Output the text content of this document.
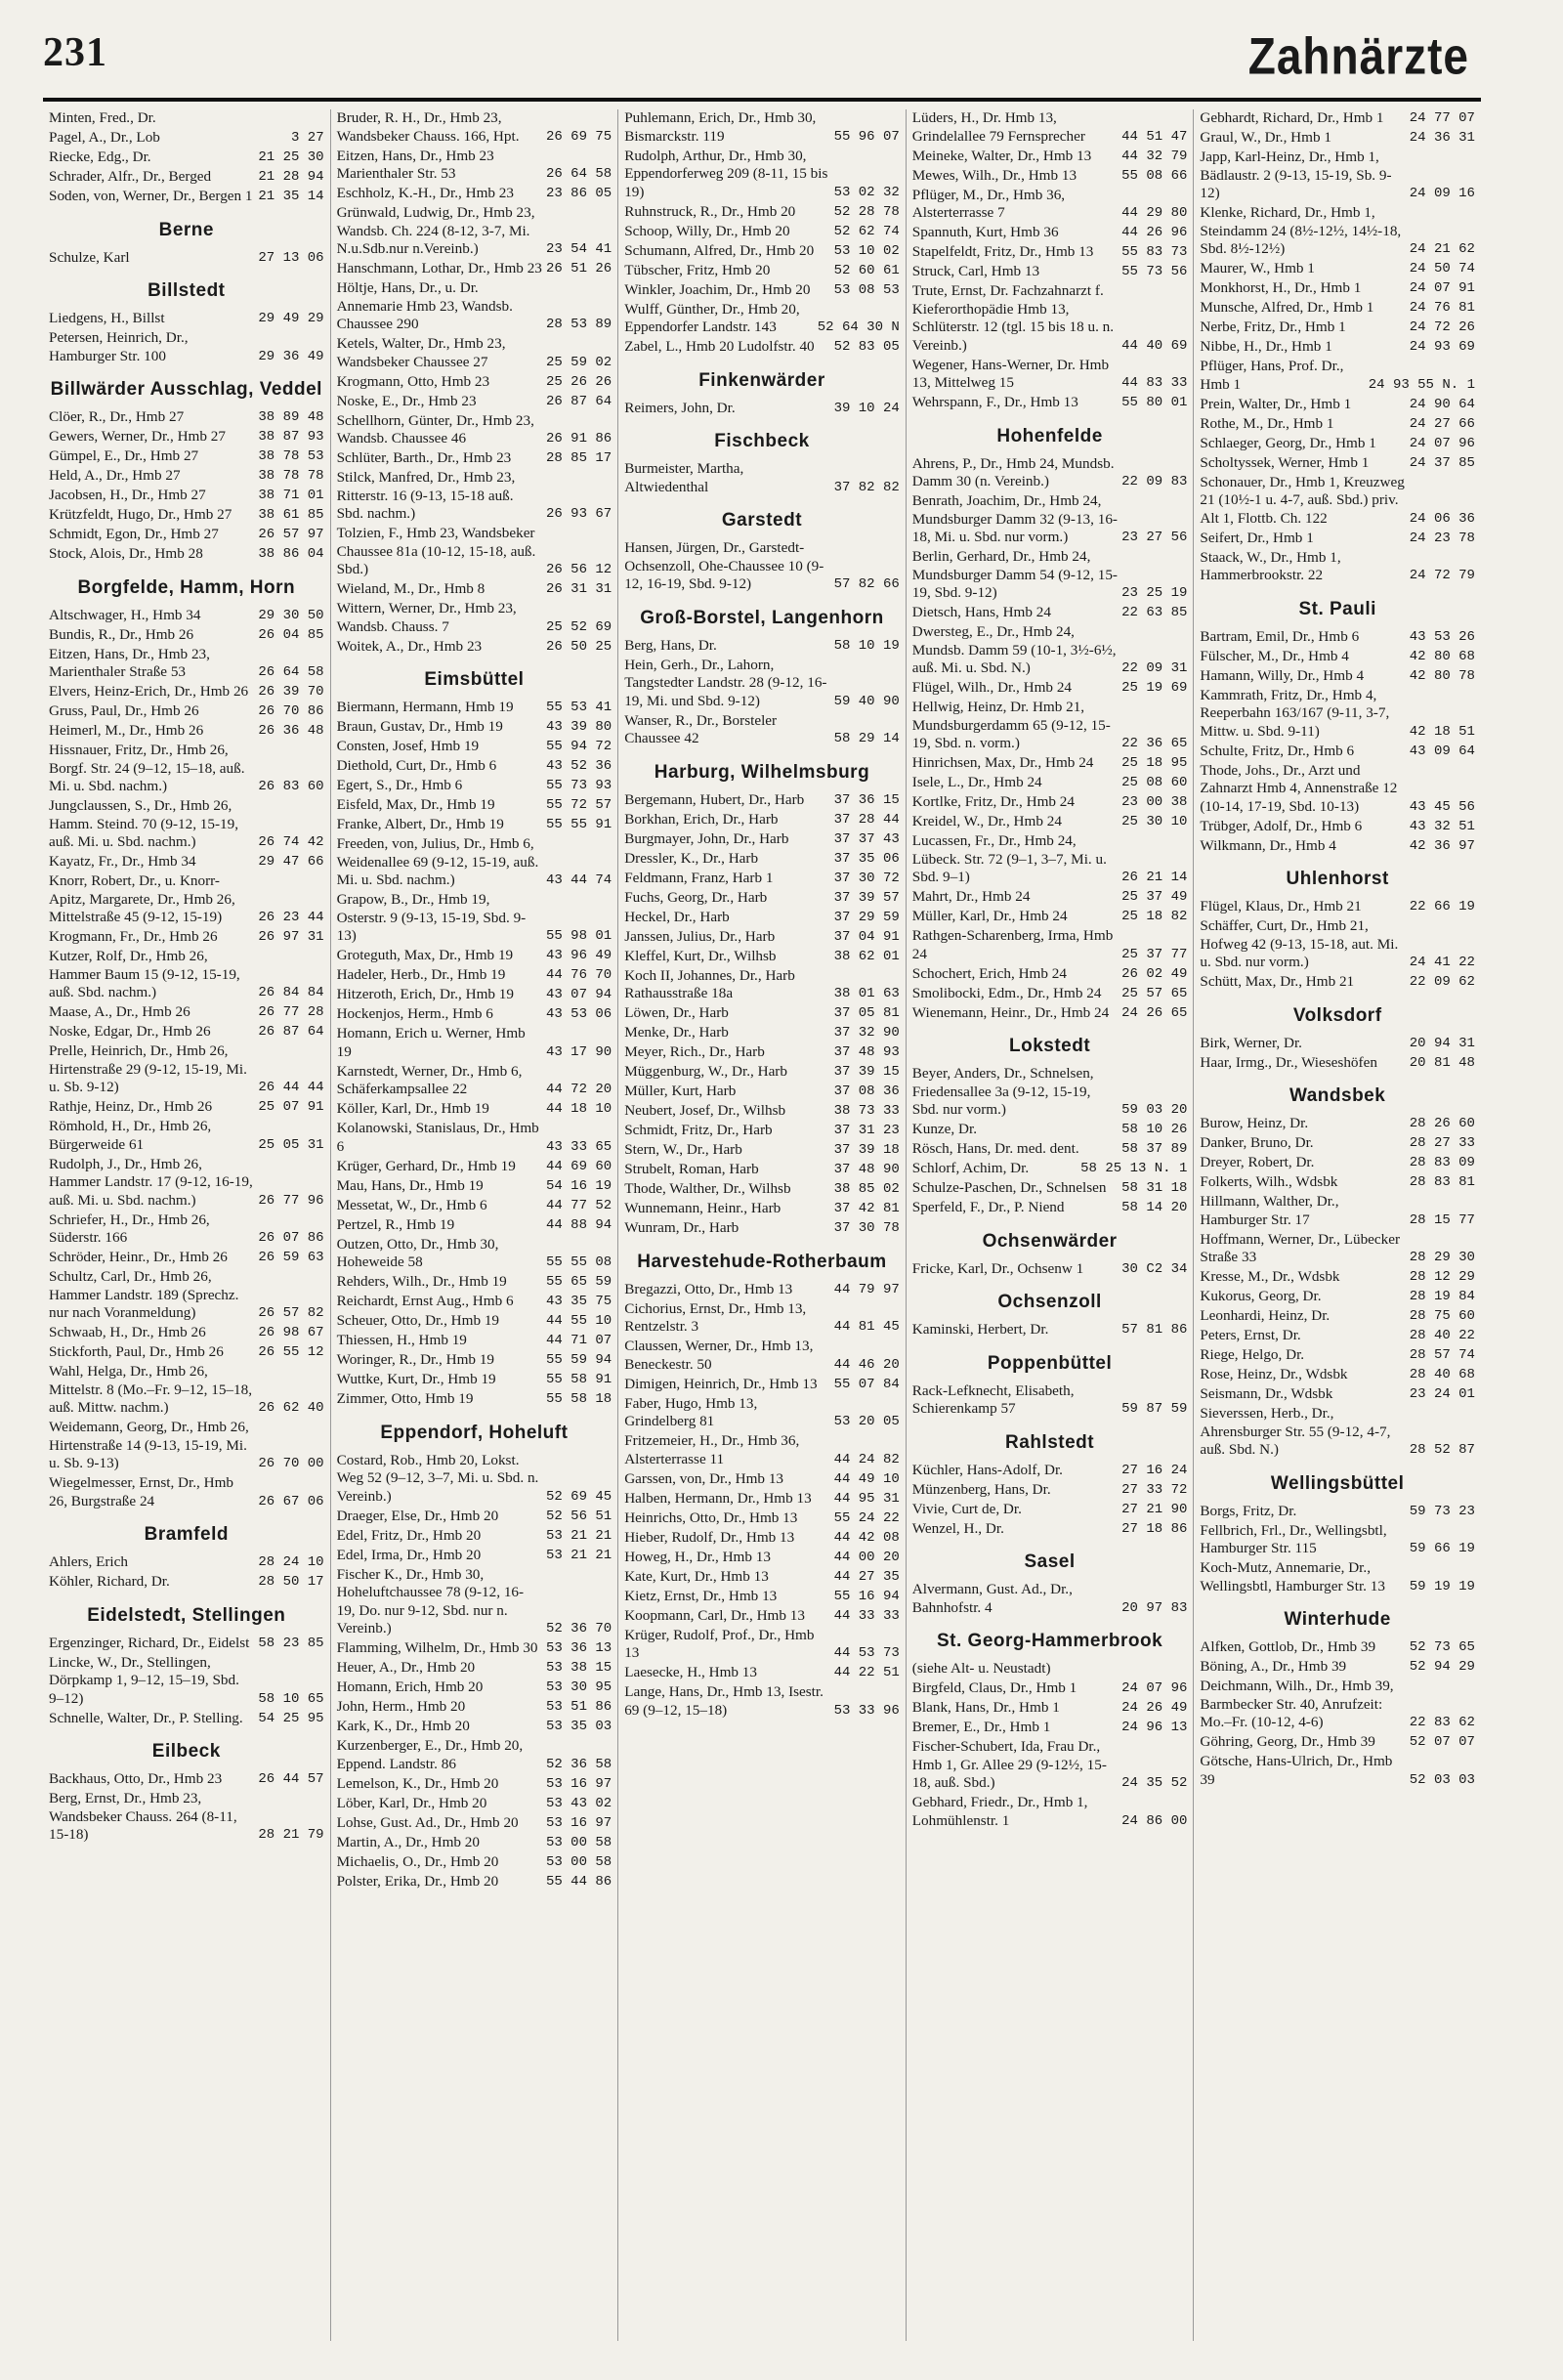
231	Zahnärzte
Minten, Fred., Dr.
Pagel, A., Dr., Lob	3 27
Riecke, Edg., Dr.	21 25 30
Schrader, Alfr., Dr., Berged	21 28 94
Soden, von, Werner, Dr., Bergen 1 21 35 14
Berne
Schulze, Karl	27 13 06
Billstedt
Liedgens, H., Billst	29 49 29
Petersen, Heinrich, Dr., Hamburger Str. 100	29 36 49
Billwärder Ausschlag, Veddel
Clöer, R., Dr., Hmb 27	38 89 48
Gewers, Werner, Dr., Hmb 27	38 87 93
Gümpel, E., Dr., Hmb 27	38 78 53
Held, A., Dr., Hmb 27	38 78 78
Jacobsen, H., Dr., Hmb 27	38 71 01
Krützfeldt, Hugo, Dr., Hmb 27	38 61 85
Schmidt, Egon, Dr., Hmb 27	26 57 97
Stock, Alois, Dr., Hmb 28	38 86 04
Borgfelde, Hamm, Horn
Altschwager, H., Hmb 34	29 30 50
Bundis, R., Dr., Hmb 26	26 04 85
Eitzen, Hans, Dr., Hmb 23, Marienthaler Straße 53	26 64 58
Elvers, Heinz-Erich, Dr., Hmb 26 26 39 70
Gruss, Paul, Dr., Hmb 26	26 70 86
Heimerl, M., Dr., Hmb 26	26 36 48
Hissnauer, Fritz, Dr., Hmb 26, Borgf. Str. 24 (9–12, 15–18, auß. Mi. u. Sbd. nachm.)	26 83 60
Jungclaussen, S., Dr., Hmb 26, Hamm. Steind. 70 (9-12, 15-19, auß. Mi. u. Sbd. nachm.)	26 74 42
Kayatz, Fr., Dr., Hmb 34	29 47 66
Knorr, Robert, Dr., u. Knorr-Apitz, Margarete, Dr., Hmb 26, Mittelstraße 45 (9-12, 15-19)	26 23 44
Krogmann, Fr., Dr., Hmb 26	26 97 31
Kutzer, Rolf, Dr., Hmb 26, Hammer Baum 15 (9-12, 15-19, auß. Sbd. nachm.)	26 84 84
Maase, A., Dr., Hmb 26	26 77 28
Noske, Edgar, Dr., Hmb 26	26 87 64
Prelle, Heinrich, Dr., Hmb 26, Hirtenstraße 29 (9-12, 15-19, Mi. u. Sb. 9-12)	26 44 44
Rathje, Heinz, Dr., Hmb 26	25 07 91
Römhold, H., Dr., Hmb 26, Bürgerweide 61	25 05 31
Rudolph, J., Dr., Hmb 26, Hammer Landstr. 17 (9-12, 16-19, auß. Mi. u. Sbd. nachm.)	26 77 96
Schriefer, H., Dr., Hmb 26, Süderstr. 166	26 07 86
Schröder, Heinr., Dr., Hmb 26	26 59 63
Schultz, Carl, Dr., Hmb 26, Hammer Landstr. 189 (Sprechz. nur nach Voranmeldung)	26 57 82
Schwaab, H., Dr., Hmb 26	26 98 67
Stickforth, Paul, Dr., Hmb 26	26 55 12
Wahl, Helga, Dr., Hmb 26, Mittelstr. 8 (Mo.–Fr. 9–12, 15–18, auß. Mittw. nachm.)	26 62 40
Weidemann, Georg, Dr., Hmb 26, Hirtenstraße 14 (9-13, 15-19, Mi. u. Sb. 9-13)	26 70 00
Wiegelmesser, Ernst, Dr., Hmb 26, Burgstraße 24	26 67 06
Bramfeld
Ahlers, Erich	28 24 10
Köhler, Richard, Dr.	28 50 17
Eidelstedt, Stellingen
Ergenzinger, Richard, Dr., Eidelst 58 23 85
Lincke, W., Dr., Stellingen, Dörpkamp 1, 9–12, 15–19, Sbd. 9–12)	58 10 65
Schnelle, Walter, Dr., P. Stelling.	54 25 95
Eilbeck
Backhaus, Otto, Dr., Hmb 23	26 44 57
Berg, Ernst, Dr., Hmb 23, Wandsbeker Chauss. 264 (8-11, 15-18)	28 21 79
Bruder, R. H., Dr., Hmb 23, Wandsbeker Chauss. 166, Hpt.	26 69 75
Eitzen, Hans, Dr., Hmb 23 Marienthaler Str. 53	26 64 58
Eschholz, K.-H., Dr., Hmb 23	23 86 05
Grünwald, Ludwig, Dr., Hmb 23, Wandsb. Ch. 224 (8-12, 3-7, Mi. N.u.Sdb.nur n.Vereinb.)	23 54 41
Hanschmann, Lothar, Dr., Hmb 23 26 51 26
Höltje, Hans, Dr., u. Dr. Annemarie Hmb 23, Wandsb. Chaussee 290	28 53 89
Ketels, Walter, Dr., Hmb 23, Wandsbeker Chaussee 27	25 59 02
Krogmann, Otto, Hmb 23	25 26 26
Noske, E., Dr., Hmb 23	26 87 64
Schellhorn, Günter, Dr., Hmb 23, Wandsb. Chaussee 46	26 91 86
Schlüter, Barth., Dr., Hmb 23	28 85 17
Stilck, Manfred, Dr., Hmb 23, Ritterstr. 16 (9-13, 15-18 auß. Sbd. nachm.)	26 93 67
Tolzien, F., Hmb 23, Wandsbeker Chaussee 81a (10-12, 15-18, auß. Sbd.)	26 56 12
Wieland, M., Dr., Hmb 8	26 31 31
Wittern, Werner, Dr., Hmb 23, Wandsb. Chauss. 7	25 52 69
Woitek, A., Dr., Hmb 23	26 50 25
Eimsbüttel
Biermann, Hermann, Hmb 19	55 53 41
Braun, Gustav, Dr., Hmb 19	43 39 80
Consten, Josef, Hmb 19	55 94 72
Diethold, Curt, Dr., Hmb 6	43 52 36
Egert, S., Dr., Hmb 6	55 73 93
Eisfeld, Max, Dr., Hmb 19	55 72 57
Franke, Albert, Dr., Hmb 19	55 55 91
Freeden, von, Julius, Dr., Hmb 6, Weidenallee 69 (9-12, 15-19, auß. Mi. u. Sbd. nachm.)	43 44 74
Grapow, B., Dr., Hmb 19, Osterstr. 9 (9-13, 15-19, Sbd. 9-13)	55 98 01
Groteguth, Max, Dr., Hmb 19	43 96 49
Hadeler, Herb., Dr., Hmb 19	44 76 70
Hitzeroth, Erich, Dr., Hmb 19	43 07 94
Hockenjos, Herm., Hmb 6	43 53 06
Homann, Erich u. Werner, Hmb 19	43 17 90
Karnstedt, Werner, Dr., Hmb 6, Schäferkampsallee 22	44 72 20
Köller, Karl, Dr., Hmb 19	44 18 10
Kolanowski, Stanislaus, Dr., Hmb 6	43 33 65
Krüger, Gerhard, Dr., Hmb 19	44 69 60
Mau, Hans, Dr., Hmb 19	54 16 19
Messetat, W., Dr., Hmb 6	44 77 52
Pertzel, R., Hmb 19	44 88 94
Outzen, Otto, Dr., Hmb 30, Hoheweide 58	55 55 08
Rehders, Wilh., Dr., Hmb 19	55 65 59
Reichardt, Ernst Aug., Hmb 6	43 35 75
Scheuer, Otto, Dr., Hmb 19	44 55 10
Thiessen, H., Hmb 19	44 71 07
Woringer, R., Dr., Hmb 19	55 59 94
Wuttke, Kurt, Dr., Hmb 19	55 58 91
Zimmer, Otto, Hmb 19	55 58 18
Eppendorf, Hoheluft
Costard, Rob., Hmb 20, Lokst. Weg 52 (9–12, 3–7, Mi. u. Sbd. n. Vereinb.)	52 69 45
Draeger, Else, Dr., Hmb 20	52 56 51
Edel, Fritz, Dr., Hmb 20	53 21 21
Edel, Irma, Dr., Hmb 20	53 21 21
Fischer K., Dr., Hmb 30, Hoheluftchaussee 78 (9-12, 16-19, Do. nur 9-12, Sbd. nur n. Vereinb.)	52 36 70
Flamming, Wilhelm, Dr., Hmb 30 53 36 13
Heuer, A., Dr., Hmb 20	53 38 15
Homann, Erich, Hmb 20	53 30 95
John, Herm., Hmb 20	53 51 86
Kark, K., Dr., Hmb 20	53 35 03
Kurzenberger, E., Dr., Hmb 20, Eppend. Landstr. 86	52 36 58
Lemelson, K., Dr., Hmb 20	53 16 97
Löber, Karl, Dr., Hmb 20	53 43 02
Lohse, Gust. Ad., Dr., Hmb 20	53 16 97
Martin, A., Dr., Hmb 20	53 00 58
Michaelis, O., Dr., Hmb 20	53 00 58
Polster, Erika, Dr., Hmb 20	55 44 86
Puhlemann, Erich, Dr., Hmb 30, Bismarckstr. 119	55 96 07
Rudolph, Arthur, Dr., Hmb 30, Eppendorferweg 209 (8-11, 15 bis 19)	53 02 32
Ruhnstruck, R., Dr., Hmb 20	52 28 78
Schoop, Willy, Dr., Hmb 20	52 62 74
Schumann, Alfred, Dr., Hmb 20	53 10 02
Tübscher, Fritz, Hmb 20	52 60 61
Winkler, Joachim, Dr., Hmb 20	53 08 53
Wulff, Günther, Dr., Hmb 20, Eppendorfer Landstr. 143	52 64 30 N
Zabel, L., Hmb 20 Ludolfstr. 40	52 83 05
Finkenwärder
Reimers, John, Dr.	39 10 24
Fischbeck
Burmeister, Martha, Altwiedenthal	37 82 82
Garstedt
Hansen, Jürgen, Dr., Garstedt-Ochsenzoll, Ohe-Chaussee 10 (9-12, 16-19, Sbd. 9-12)	57 82 66
Groß-Borstel, Langenhorn
Berg, Hans, Dr.	58 10 19
Hein, Gerh., Dr., Lahorn, Tangstedter Landstr. 28 (9-12, 16-19, Mi. und Sbd. 9-12)	59 40 90
Wanser, R., Dr., Borsteler Chaussee 42	58 29 14
Harburg, Wilhelmsburg
Bergemann, Hubert, Dr., Harb	37 36 15
Borkhan, Erich, Dr., Harb	37 28 44
Burgmayer, John, Dr., Harb	37 37 43
Dressler, K., Dr., Harb	37 35 06
Feldmann, Franz, Harb 1	37 30 72
Fuchs, Georg, Dr., Harb	37 39 57
Heckel, Dr., Harb	37 29 59
Janssen, Julius, Dr., Harb	37 04 91
Kleffel, Kurt, Dr., Wilhsb	38 62 01
Koch II, Johannes, Dr., Harb Rathausstraße 18a	38 01 63
Löwen, Dr., Harb	37 05 81
Menke, Dr., Harb	37 32 90
Meyer, Rich., Dr., Harb	37 48 93
Müggenburg, W., Dr., Harb	37 39 15
Müller, Kurt, Harb	37 08 36
Neubert, Josef, Dr., Wilhsb	38 73 33
Schmidt, Fritz, Dr., Harb	37 31 23
Stern, W., Dr., Harb	37 39 18
Strubelt, Roman, Harb	37 48 90
Thode, Walther, Dr., Wilhsb	38 85 02
Wunnemann, Heinr., Harb	37 42 81
Wunram, Dr., Harb	37 30 78
Harvestehude-Rotherbaum
Bregazzi, Otto, Dr., Hmb 13	44 79 97
Cichorius, Ernst, Dr., Hmb 13, Rentzelstr. 3	44 81 45
Claussen, Werner, Dr., Hmb 13, Beneckestr. 50	44 46 20
Dimigen, Heinrich, Dr., Hmb 13	55 07 84
Faber, Hugo, Hmb 13, Grindelberg 81	53 20 05
Fritzemeier, H., Dr., Hmb 36, Alsterterrasse 11	44 24 82
Garssen, von, Dr., Hmb 13	44 49 10
Halben, Hermann, Dr., Hmb 13	44 95 31
Heinrichs, Otto, Dr., Hmb 13	55 24 22
Hieber, Rudolf, Dr., Hmb 13	44 42 08
Howeg, H., Dr., Hmb 13	44 00 20
Kate, Kurt, Dr., Hmb 13	44 27 35
Kietz, Ernst, Dr., Hmb 13	55 16 94
Koopmann, Carl, Dr., Hmb 13	44 33 33
Krüger, Rudolf, Prof., Dr., Hmb 13	44 53 73
Laesecke, H., Hmb 13	44 22 51
Lange, Hans, Dr., Hmb 13, Isestr. 69 (9–12, 15–18)	53 33 96
Lüders, H., Dr. Hmb 13, Grindelallee 79 Fernsprecher	44 51 47
Meineke, Walter, Dr., Hmb 13	44 32 79
Mewes, Wilh., Dr., Hmb 13	55 08 66
Pflüger, M., Dr., Hmb 36, Alsterterrasse 7	44 29 80
Spannuth, Kurt, Hmb 36	44 26 96
Stapelfeldt, Fritz, Dr., Hmb 13	55 83 73
Struck, Carl, Hmb 13	55 73 56
Trute, Ernst, Dr. Fachzahnarzt f. Kieferorthopädie Hmb 13, Schlüterstr. 12 (tgl. 15 bis 18 u. n. Vereinb.)	44 40 69
Wegener, Hans-Werner, Dr. Hmb 13, Mittelweg 15	44 83 33
Wehrspann, F., Dr., Hmb 13	55 80 01
Hohenfelde
Ahrens, P., Dr., Hmb 24, Mundsb. Damm 30 (n. Vereinb.)	22 09 83
Benrath, Joachim, Dr., Hmb 24, Mundsburger Damm 32 (9-13, 16-18, Mi. u. Sbd. nur vorm.)	23 27 56
Berlin, Gerhard, Dr., Hmb 24, Mundsburger Damm 54 (9-12, 15-19, Sbd. 9-12)	23 25 19
Dietsch, Hans, Hmb 24	22 63 85
Dwersteg, E., Dr., Hmb 24, Mundsb. Damm 59 (10-1, 3½-6½, auß. Mi. u. Sbd. N.)	22 09 31
Flügel, Wilh., Dr., Hmb 24	25 19 69
Hellwig, Heinz, Dr. Hmb 21, Mundsburgerdamm 65 (9-12, 15-19, Sbd. n. vorm.)	22 36 65
Hinrichsen, Max, Dr., Hmb 24	25 18 95
Isele, L., Dr., Hmb 24	25 08 60
Kortlke, Fritz, Dr., Hmb 24	23 00 38
Kreidel, W., Dr., Hmb 24	25 30 10
Lucassen, Fr., Dr., Hmb 24, Lübeck. Str. 72 (9–1, 3–7, Mi. u. Sbd. 9–1)	26 21 14
Mahrt, Dr., Hmb 24	25 37 49
Müller, Karl, Dr., Hmb 24	25 18 82
Rathgen-Scharenberg, Irma, Hmb 24	25 37 77
Schochert, Erich, Hmb 24	26 02 49
Smolibocki, Edm., Dr., Hmb 24	25 57 65
Wienemann, Heinr., Dr., Hmb 24 24 26 65
Lokstedt
Beyer, Anders, Dr., Schnelsen, Friedensallee 3a (9-12, 15-19, Sbd. nur vorm.)	59 03 20
Kunze, Dr.	58 10 26
Rösch, Hans, Dr. med. dent.	58 37 89
Schlorf, Achim, Dr.	58 25 13 N. 1
Schulze-Paschen, Dr., Schnelsen	58 31 18
Sperfeld, F., Dr., P. Niend	58 14 20
Ochsenwärder
Fricke, Karl, Dr., Ochsenw 1	30 C2 34
Ochsenzoll
Kaminski, Herbert, Dr.	57 81 86
Poppenbüttel
Rack-Lefknecht, Elisabeth, Schierenkamp 57	59 87 59
Rahlstedt
Küchler, Hans-Adolf, Dr.	27 16 24
Münzenberg, Hans, Dr.	27 33 72
Vivie, Curt de, Dr.	27 21 90
Wenzel, H., Dr.	27 18 86
Sasel
Alvermann, Gust. Ad., Dr., Bahnhofstr. 4	20 97 83
St. Georg-Hammerbrook
(siehe Alt- u. Neustadt)
Birgfeld, Claus, Dr., Hmb 1	24 07 96
Blank, Hans, Dr., Hmb 1	24 26 49
Bremer, E., Dr., Hmb 1	24 96 13
Fischer-Schubert, Ida, Frau Dr., Hmb 1, Gr. Allee 29 (9-12½, 15-18, auß. Sbd.)	24 35 52
Gebhard, Friedr., Dr., Hmb 1, Lohmühlenstr. 1	24 86 00
Gebhardt, Richard, Dr., Hmb 1	24 77 07
Graul, W., Dr., Hmb 1	24 36 31
Japp, Karl-Heinz, Dr., Hmb 1, Bädlaustr. 2 (9-13, 15-19, Sb. 9-12)	24 09 16
Klenke, Richard, Dr., Hmb 1, Steindamm 24 (8½-12½, 14½-18, Sbd. 8½-12½)	24 21 62
Maurer, W., Hmb 1	24 50 74
Monkhorst, H., Dr., Hmb 1	24 07 91
Munsche, Alfred, Dr., Hmb 1	24 76 81
Nerbe, Fritz, Dr., Hmb 1	24 72 26
Nibbe, H., Dr., Hmb 1	24 93 69
Pflüger, Hans, Prof. Dr., Hmb 1	24 93 55 N. 1
Prein, Walter, Dr., Hmb 1	24 90 64
Rothe, M., Dr., Hmb 1	24 27 66
Schlaeger, Georg, Dr., Hmb 1	24 07 96
Scholtyssek, Werner, Hmb 1	24 37 85
Schonauer, Dr., Hmb 1, Kreuzweg 21 (10½-1 u. 4-7, auß. Sbd.) priv. Alt 1, Flottb. Ch. 122	24 06 36
Seifert, Dr., Hmb 1	24 23 78
Staack, W., Dr., Hmb 1, Hammerbrookstr. 22	24 72 79
St. Pauli
Bartram, Emil, Dr., Hmb 6	43 53 26
Fülscher, M., Dr., Hmb 4	42 80 68
Hamann, Willy, Dr., Hmb 4	42 80 78
Kammrath, Fritz, Dr., Hmb 4, Reeperbahn 163/167 (9-11, 3-7, Mittw. u. Sbd. 9-11)	42 18 51
Schulte, Fritz, Dr., Hmb 6	43 09 64
Thode, Johs., Dr., Arzt und Zahnarzt Hmb 4, Annenstraße 12 (10-14, 17-19, Sbd. 10-13)	43 45 56
Trübger, Adolf, Dr., Hmb 6	43 32 51
Wilkmann, Dr., Hmb 4	42 36 97
Uhlenhorst
Flügel, Klaus, Dr., Hmb 21	22 66 19
Schäffer, Curt, Dr., Hmb 21, Hofweg 42 (9-13, 15-18, aut. Mi. u. Sbd. nur vorm.)	24 41 22
Schütt, Max, Dr., Hmb 21	22 09 62
Volksdorf
Birk, Werner, Dr.	20 94 31
Haar, Irmg., Dr., Wieseshöfen	20 81 48
Wandsbek
Burow, Heinz, Dr.	28 26 60
Danker, Bruno, Dr.	28 27 33
Dreyer, Robert, Dr.	28 83 09
Folkerts, Wilh., Wdsbk	28 83 81
Hillmann, Walther, Dr., Hamburger Str. 17	28 15 77
Hoffmann, Werner, Dr., Lübecker Straße 33	28 29 30
Kresse, M., Dr., Wdsbk	28 12 29
Kukorus, Georg, Dr.	28 19 84
Leonhardi, Heinz, Dr.	28 75 60
Peters, Ernst, Dr.	28 40 22
Riege, Helgo, Dr.	28 57 74
Rose, Heinz, Dr., Wdsbk	28 40 68
Seismann, Dr., Wdsbk	23 24 01
Sieverssen, Herb., Dr., Ahrensburger Str. 55 (9-12, 4-7, auß. Sbd. N.)	28 52 87
Wellingsbüttel
Borgs, Fritz, Dr.	59 73 23
Fellbrich, Frl., Dr., Wellingsbtl, Hamburger Str. 115	59 66 19
Koch-Mutz, Annemarie, Dr., Wellingsbtl, Hamburger Str. 13	59 19 19
Winterhude
Alfken, Gottlob, Dr., Hmb 39	52 73 65
Böning, A., Dr., Hmb 39	52 94 29
Deichmann, Wilh., Dr., Hmb 39, Barmbecker Str. 40, Anrufzeit: Mo.–Fr. (10-12, 4-6)	22 83 62
Göhring, Georg, Dr., Hmb 39	52 07 07
Götsche, Hans-Ulrich, Dr., Hmb 39	52 03 03
